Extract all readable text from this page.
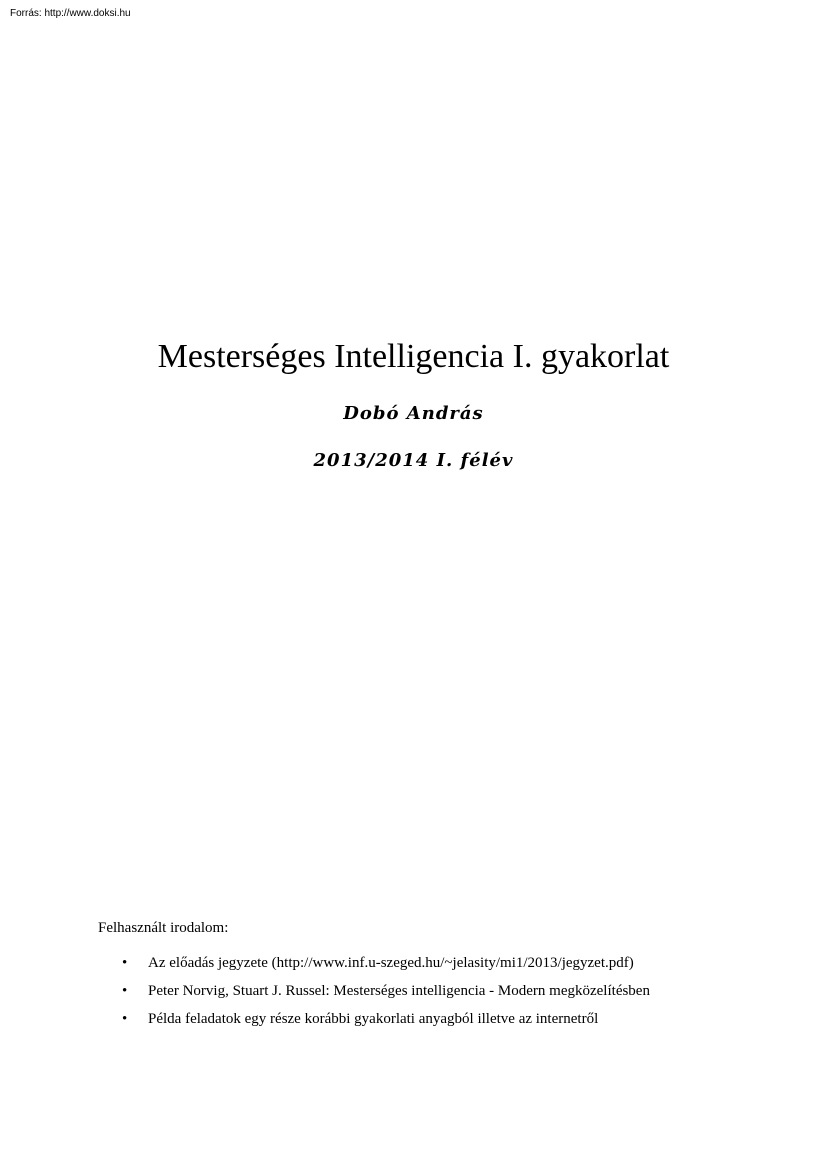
Forrás: http://www.doksi.hu
Mesterséges Intelligencia I. gyakorlat
Dobó András
2013/2014 I. félév
Felhasznált irodalom:
• Az előadás jegyzete (http://www.inf.u-szeged.hu/~jelasity/mi1/2013/jegyzet.pdf)
• Peter Norvig, Stuart J. Russel: Mesterséges intelligencia - Modern megközelítésben
• Példa feladatok egy része korábbi gyakorlati anyagból illetve az internetről
